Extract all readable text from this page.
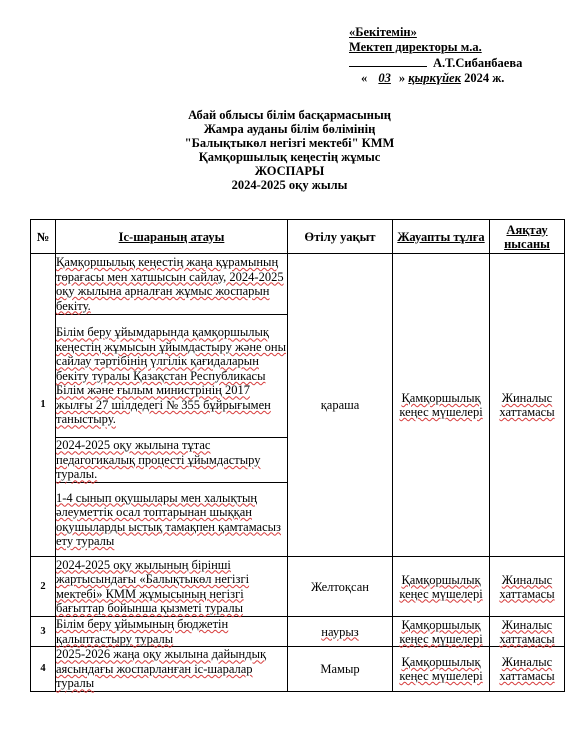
«Бекітемін»
Мектеп директоры м.а.
А.Т.Сибанбаева
« 03 » қыркүйек 2024 ж.
Абай облысы білім басқармасының
Жамра ауданы білім бөлімінің
"Балықтыкөл негізгі мектебі" КММ
Қамқоршылық кеңестің жұмыс
ЖОСПАРЫ
2024-2025 оқу жылы
№	Іс-шараның атауы	Өтілу уақыт	Жауапты тұлға	Аяқтау нысаны
1	
Қамқоршылық кеңестің жаңа құрамының төрағасы мен хатшысын сайлау, 2024-2025 оқу жылына арналған жұмыс жоспарын бекіту.
Білім беру ұйымдарында қамқоршылық кеңестің жұмысын ұйымдастыру және оны сайлау тәртібінің үлгілік қағидаларын бекіту туралы Қазақстан Республикасы Білім және ғылым министрінің 2017 жылғы 27 шілдедегі № 355 бұйрығымен таныстыру.
2024-2025 оқу жылына тұтас педагогикалық процесті ұйымдастыру туралы.
1-4 сынып оқушылары мен халықтың әлеуметтік осал топтарынан шыққан оқушыларды ыстық тамақпен қамтамасыз ету туралы
	қараша	Қамқоршылық кеңес мүшелері	Жиналыс хаттамасы
2	2024-2025 оқу жылының бірінші жартысындағы «Балықтыкөл негізгі мектебі» КММ жұмысының негізгі бағыттар бойынша қызметі туралы	Желтоқсан	Қамқоршылық кеңес мүшелері	Жиналыс хаттамасы
3	Білім беру ұйымының бюджетін қалыптастыру туралы	наурыз	Қамқоршылық кеңес мүшелері	Жиналыс хаттамасы
4	2025-2026 жаңа оқу жылына дайындық аясындағы жоспарланған іс-шаралар туралы	Мамыр	Қамқоршылық кеңес мүшелері	Жиналыс хаттамасы
